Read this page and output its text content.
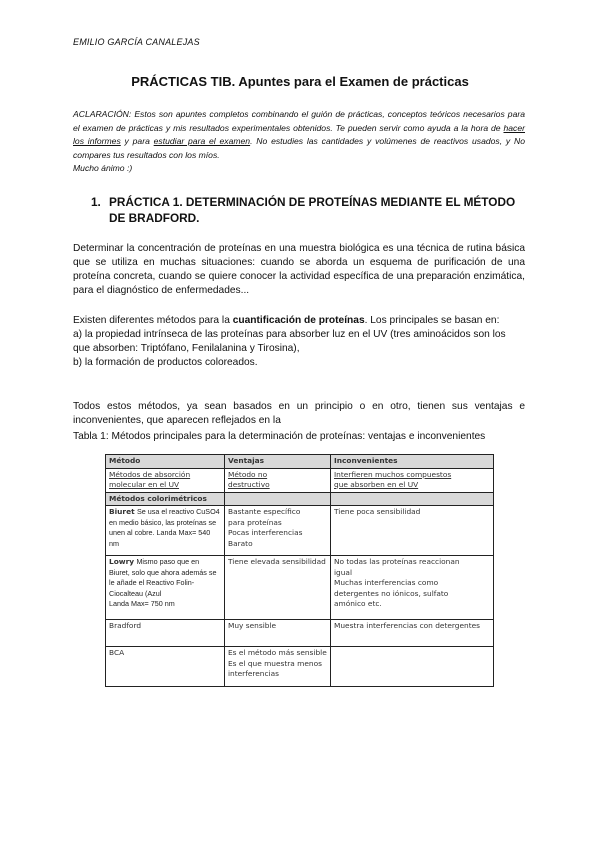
EMILIO GARCÍA CANALEJAS
PRÁCTICAS TIB. Apuntes para el Examen de prácticas
ACLARACIÓN: Estos son apuntes completos combinando el guión de prácticas, conceptos teóricos necesarios para el examen de prácticas y mis resultados experimentales obtenidos. Te pueden servir como ayuda a la hora de hacer los informes y para estudiar para el examen. No estudies las cantidades y volúmenes de reactivos usados, y No compares tus resultados con los míos.
Mucho ánimo :)
1. PRÁCTICA 1. DETERMINACIÓN DE PROTEÍNAS MEDIANTE EL MÉTODO DE BRADFORD.
Determinar la concentración de proteínas en una muestra biológica es una técnica de rutina básica que se utiliza en muchas situaciones: cuando se aborda un esquema de purificación de una proteína concreta, cuando se quiere conocer la actividad específica de una preparación enzimática, para el diagnóstico de enfermedades...
Existen diferentes métodos para la cuantificación de proteínas. Los principales se basan en:
a) la propiedad intrínseca de las proteínas para absorber luz en el UV (tres aminoácidos son los que absorben: Triptófano, Fenilalanina y Tirosina),
b) la formación de productos coloreados.
Todos estos métodos, ya sean basados en un principio o en otro, tienen sus ventajas e inconvenientes, que aparecen reflejados en la
Tabla 1: Métodos principales para la determinación de proteínas: ventajas e inconvenientes
Método	Ventajas	Inconvenientes

Métodos de absorción
molecular en el UV	Método no
destructivo	Interfieren muchos compuestos
que absorben en el UV

Métodos colorimétricos		
Biuret Se usa el reactivo CuSO4 en medio básico, las proteínas se unen al cobre. Landa Max= 540 nm	Bastante específico
para proteínas
Pocas interferencias
Barato	Tiene poca sensibilidad
Lowry Mismo paso que en Biuret, solo que ahora además se le añade el Reactivo Folin-Ciocalteau (Azul
Landa Max= 750 nm	Tiene elevada sensibilidad	No todas las proteínas reaccionan
igual
Muchas interferencias como
detergentes no iónicos, sulfato
amónico etc.

Bradford	Muy sensible	Muestra interferencias con detergentes
BCA	Es el método más sensible
Es el que muestra menos interferencias	
